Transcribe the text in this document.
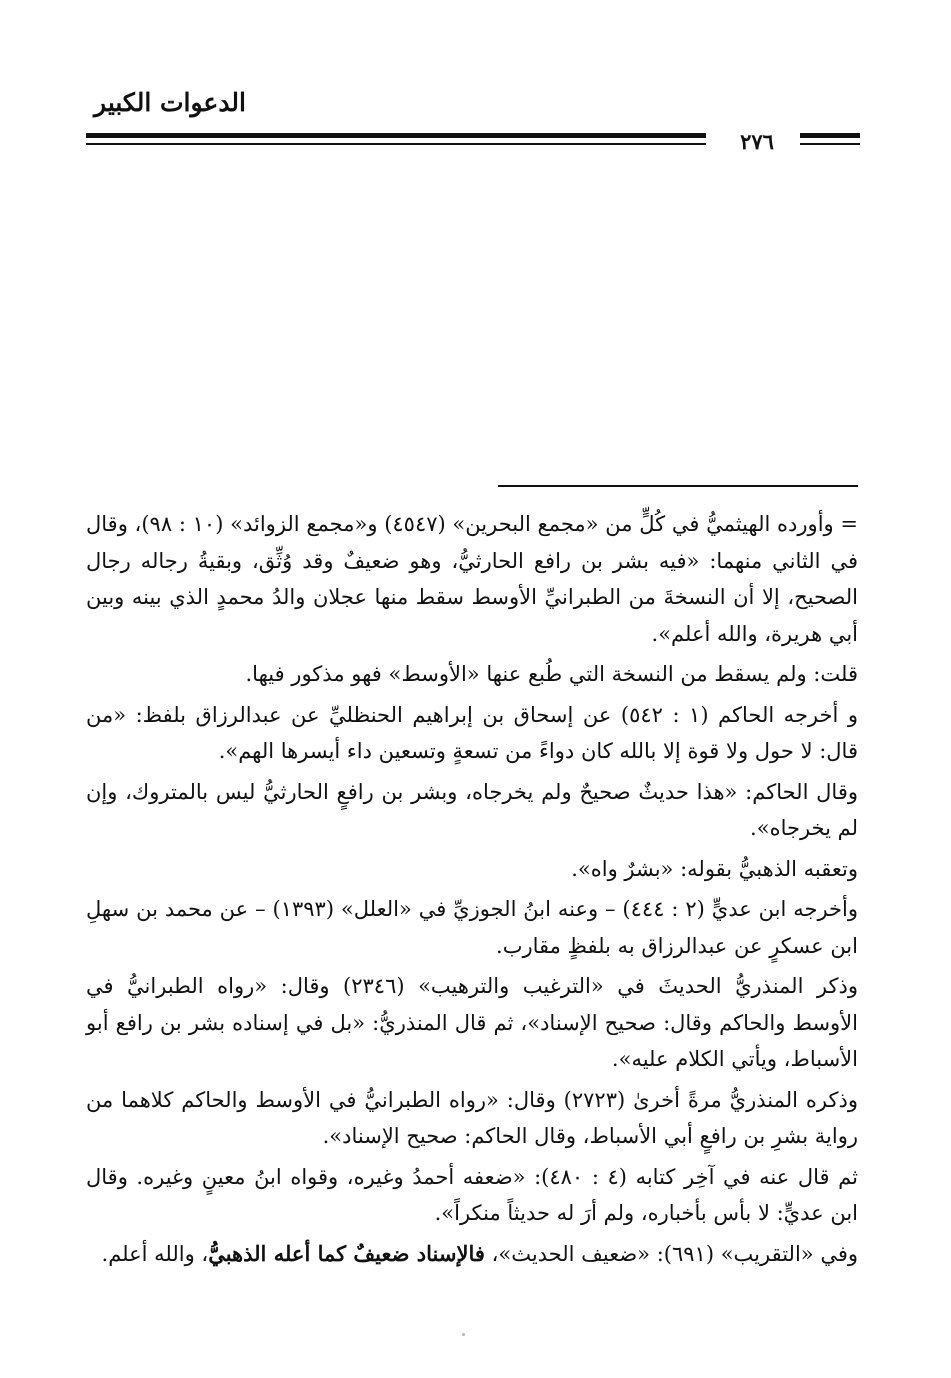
الدعوات الكبير
٢٧٦

= وأورده الهيثميُّ في كُلٍّ من «مجمع البحرين» (٤٥٤٧) و«مجمع الزوائد» (١٠ : ٩٨)، وقال في الثاني منهما: «فيه بشر بن رافع الحارثيُّ، وهو ضعيفٌ وقد وُثِّق، وبقيةُ رجاله رجال الصحيح، إلا أن النسخةَ من الطبرانيِّ الأوسط سقط منها عجلان والدُ محمدٍ الذي بينه وبين أبي هريرة، والله أعلم».

قلت: ولم يسقط من النسخة التي طُبع عنها «الأوسط» فهو مذكور فيها.

و أخرجه الحاكم (١ : ٥٤٢) عن إسحاق بن إبراهيم الحنظليِّ عن عبدالرزاق بلفظ: «من قال: لا حول ولا قوة إلا بالله كان دواءً من تسعةٍ وتسعين داء أيسرها الهم».

وقال الحاكم: «هذا حديثٌ صحيحٌ ولم يخرجاه، وبشر بن رافعٍ الحارثيُّ ليس بالمتروك، وإن لم يخرجاه».

وتعقبه الذهبيُّ بقوله: «بشرٌ واه».

وأخرجه ابن عديٍّ (٢ : ٤٤٤) – وعنه ابنُ الجوزيِّ في «العلل» (١٣٩٣) – عن محمد بن سهلِ ابن عسكرٍ عن عبدالرزاق به بلفظٍ مقارب.

وذكر المنذريُّ الحديثَ في «الترغيب والترهيب» (٢٣٤٦) وقال: «رواه الطبرانيُّ في الأوسط والحاكم وقال: صحيح الإسناد»، ثم قال المنذريُّ: «بل في إسناده بشر بن رافع أبو الأسباط، ويأتي الكلام عليه».

وذكره المنذريُّ مرةً أخرىٰ (٢٧٢٣) وقال: «رواه الطبرانيُّ في الأوسط والحاكم كلاهما من رواية بشرِ بن رافعٍ أبي الأسباط، وقال الحاكم: صحيح الإسناد».

ثم قال عنه في آخِر كتابه (٤ : ٤٨٠): «ضعفه أحمدُ وغيره، وقواه ابنُ معينٍ وغيره. وقال ابن عديٍّ: لا بأس بأخباره، ولم أرَ له حديثاً منكراً».

وفي «التقريب» (٦٩١): «ضعيف الحديث»، فالإسناد ضعيفٌ كما أعله الذهبيُّ، والله أعلم.
